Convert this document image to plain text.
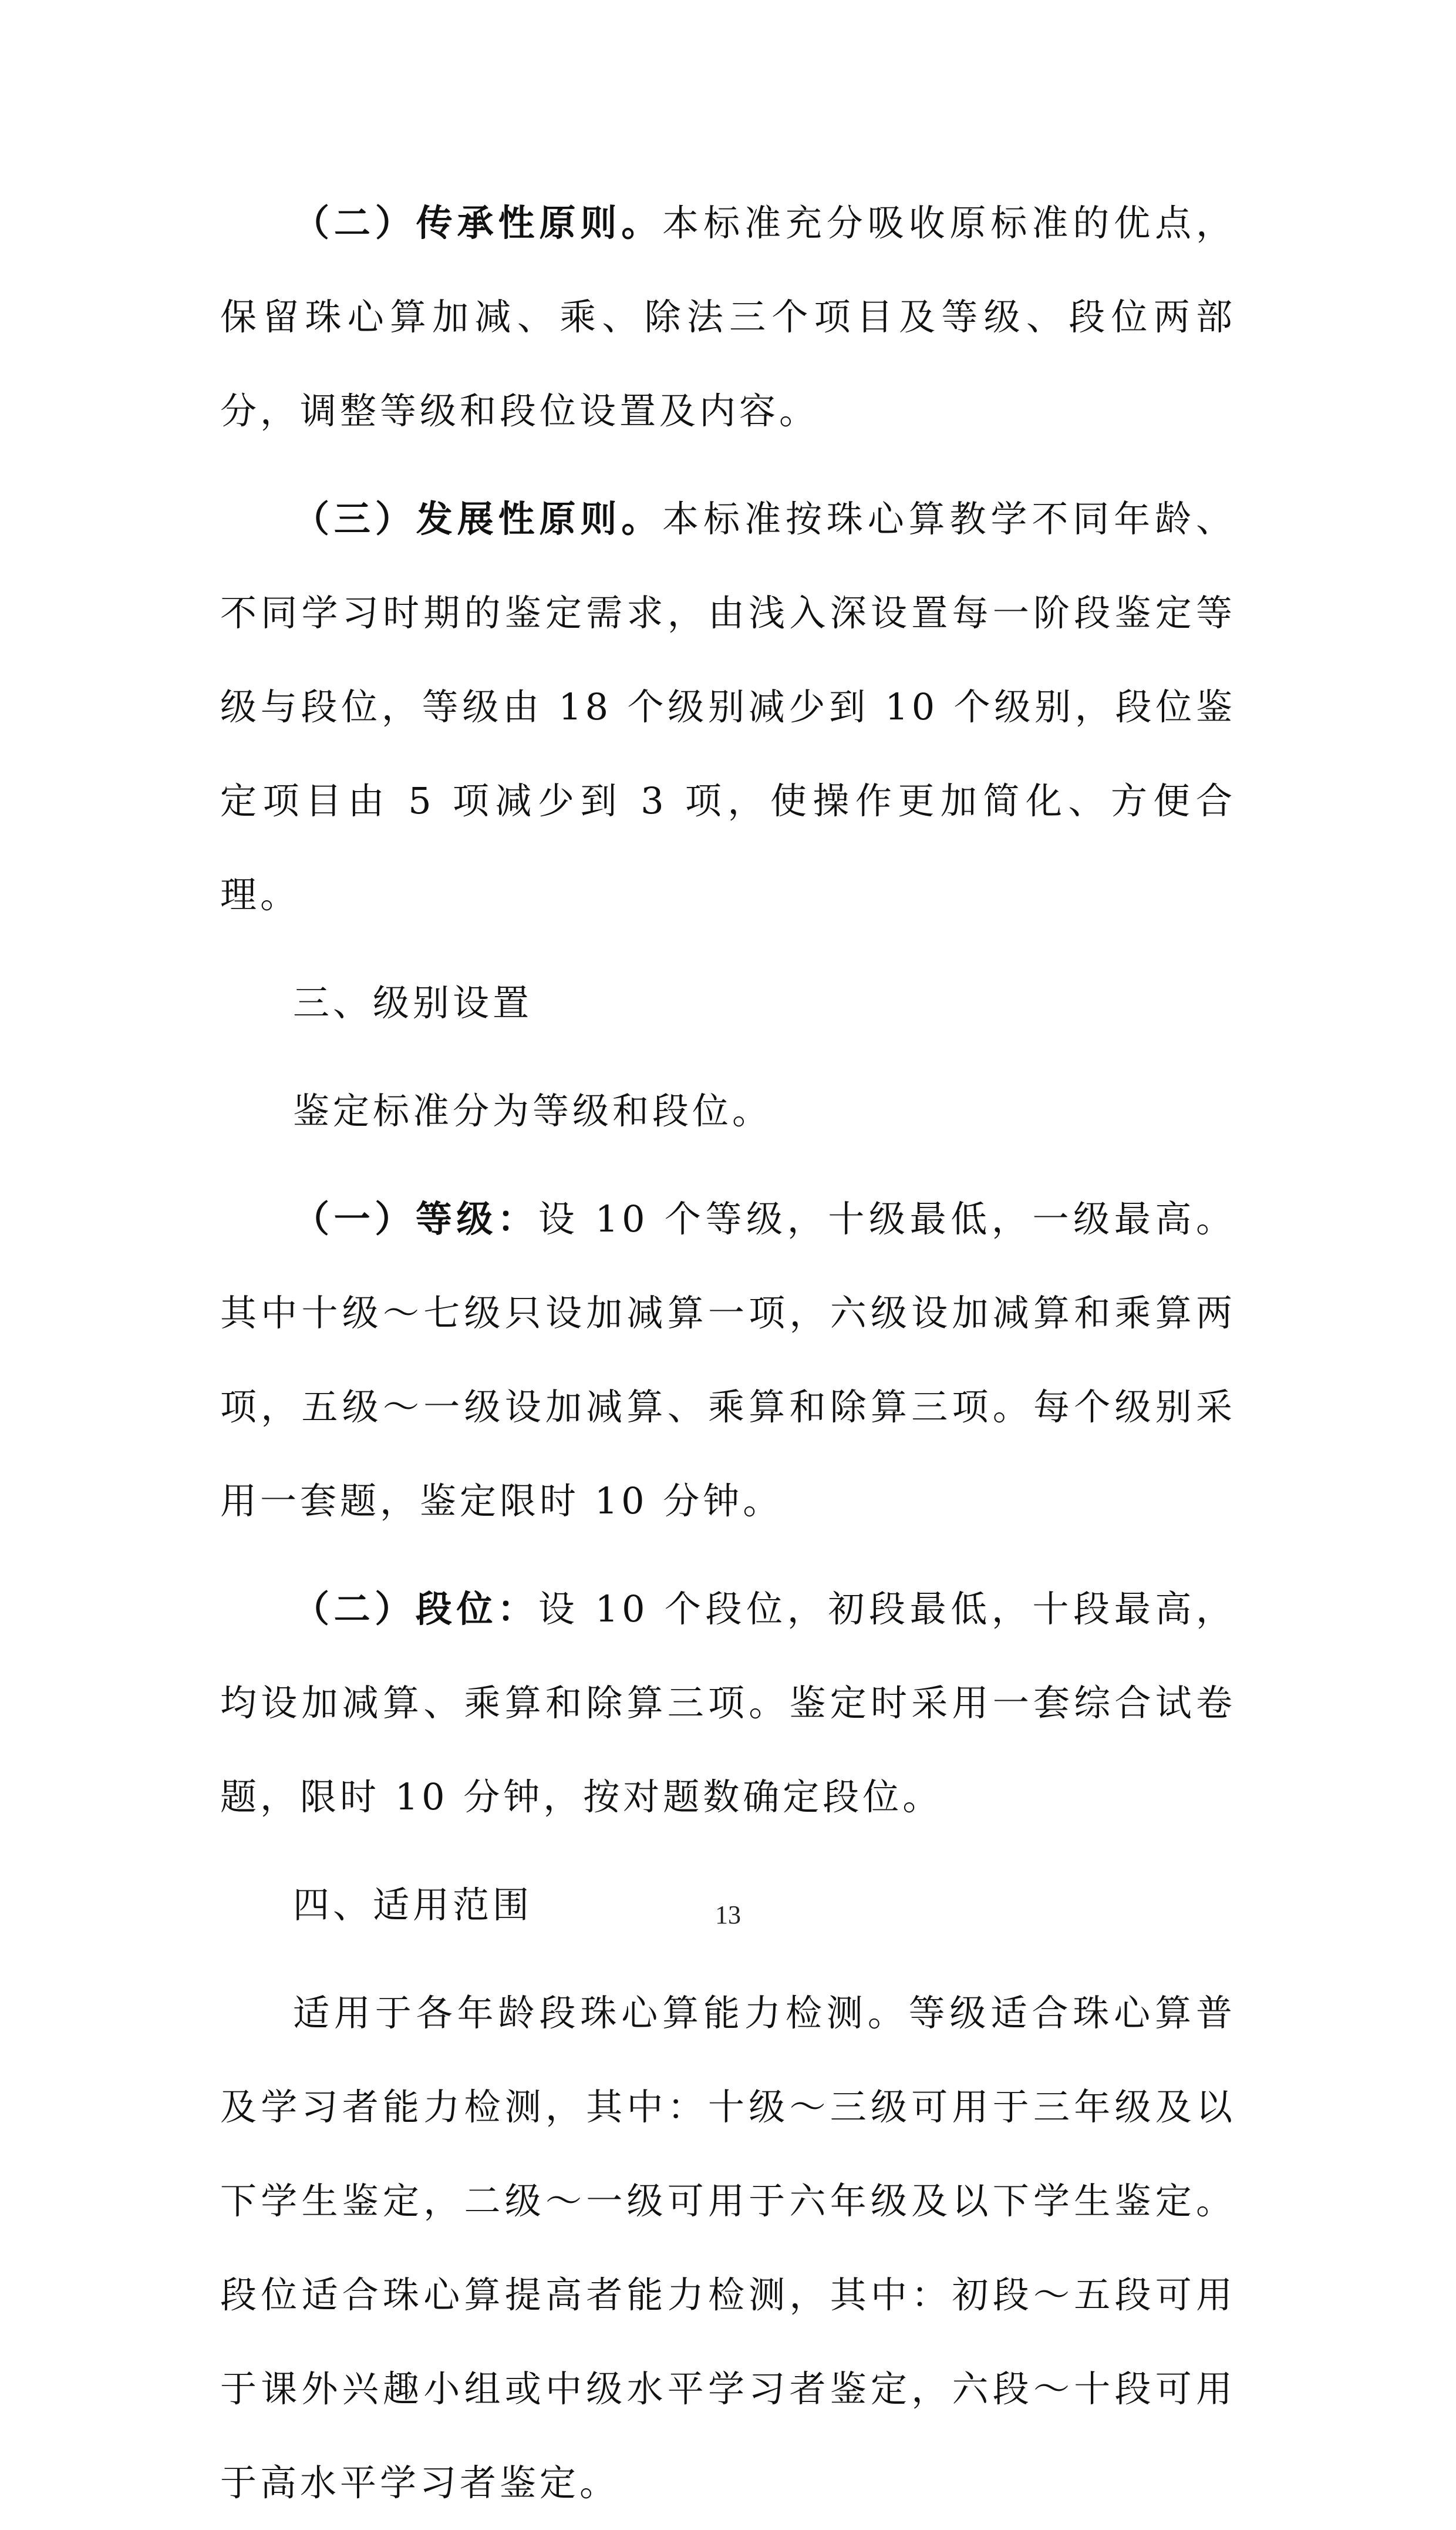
（二）传承性原则。本标准充分吸收原标准的优点，保留珠心算加减、乘、除法三个项目及等级、段位两部分，调整等级和段位设置及内容。

（三）发展性原则。本标准按珠心算教学不同年龄、不同学习时期的鉴定需求，由浅入深设置每一阶段鉴定等级与段位，等级由 18 个级别减少到 10 个级别，段位鉴定项目由 5 项减少到 3 项，使操作更加简化、方便合理。

三、级别设置

鉴定标准分为等级和段位。

（一）等级：设 10 个等级，十级最低，一级最高。其中十级～七级只设加减算一项，六级设加减算和乘算两项，五级～一级设加减算、乘算和除算三项。每个级别采用一套题，鉴定限时 10 分钟。

（二）段位：设 10 个段位，初段最低，十段最高，均设加减算、乘算和除算三项。鉴定时采用一套综合试卷题，限时 10 分钟，按对题数确定段位。

四、适用范围

适用于各年龄段珠心算能力检测。等级适合珠心算普及学习者能力检测，其中：十级～三级可用于三年级及以下学生鉴定，二级～一级可用于六年级及以下学生鉴定。段位适合珠心算提高者能力检测，其中：初段～五段可用于课外兴趣小组或中级水平学习者鉴定，六段～十段可用于高水平学习者鉴定。

13
